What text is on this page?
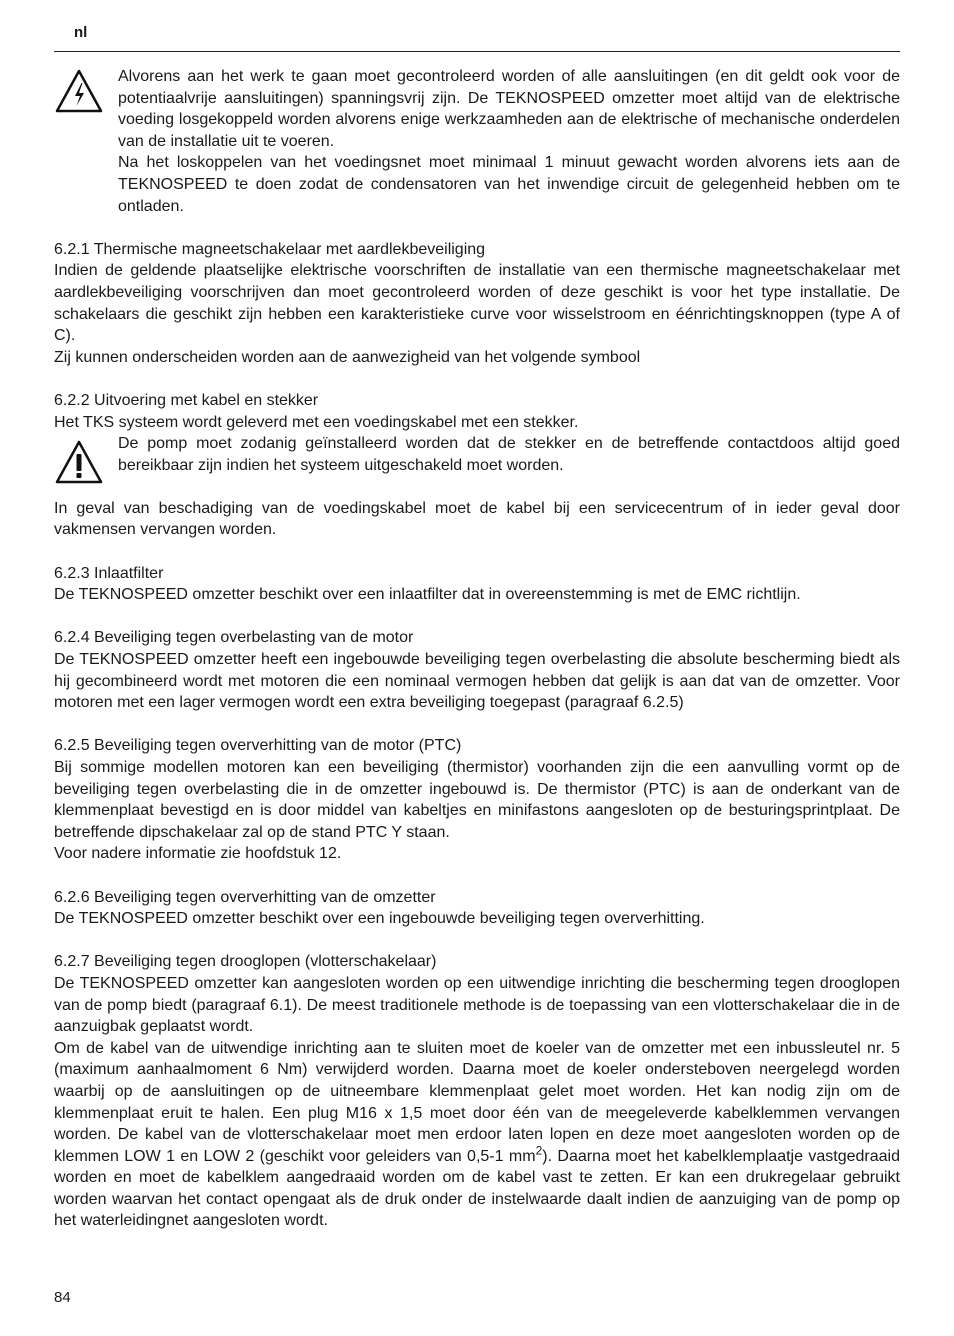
nl

Alvorens aan het werk te gaan moet gecontroleerd worden of alle aansluitingen (en dit geldt ook voor de potentiaalvrije aansluitingen) spanningsvrij zijn. De TEKNOSPEED omzetter moet altijd van de elektrische voeding losgekoppeld worden alvorens enige werkzaamheden aan de elektrische of mechanische onderdelen van de installatie uit te voeren.

Na het loskoppelen van het voedingsnet moet minimaal 1 minuut gewacht worden alvorens iets aan de TEKNOSPEED te doen zodat de condensatoren van het inwendige circuit de gelegenheid hebben om te ontladen.

6.2.1 Thermische magneetschakelaar met aardlekbeveiliging

Indien de geldende plaatselijke elektrische voorschriften de installatie van een thermische magneetschakelaar met aardlekbeveiliging voorschrijven dan moet gecontroleerd worden of deze geschikt is voor het type installatie. De schakelaars die geschikt zijn hebben een karakteristieke curve voor wisselstroom en éénrichtingsknoppen (type A of C).

Zij kunnen onderscheiden worden aan de aanwezigheid van het volgende symbool

6.2.2 Uitvoering met kabel en stekker

Het TKS systeem wordt geleverd met een voedingskabel met een stekker.

De pomp moet zodanig geïnstalleerd worden dat de stekker en de betreffende contactdoos altijd goed bereikbaar zijn indien het systeem uitgeschakeld moet worden.

In geval van beschadiging van de voedingskabel moet de kabel bij een servicecentrum of in ieder geval door vakmensen vervangen worden.

6.2.3 Inlaatfilter

De TEKNOSPEED omzetter beschikt over een inlaatfilter dat in overeenstemming is met de EMC richtlijn.

6.2.4 Beveiliging tegen overbelasting van de motor

De TEKNOSPEED omzetter heeft een ingebouwde beveiliging tegen overbelasting die absolute bescherming biedt als hij gecombineerd wordt met motoren die een nominaal vermogen hebben dat gelijk is aan dat van de omzetter. Voor motoren met een lager vermogen wordt een extra beveiliging toegepast (paragraaf 6.2.5)

6.2.5 Beveiliging tegen oververhitting van de motor (PTC)

Bij sommige modellen motoren kan een beveiliging (thermistor) voorhanden zijn die een aanvulling vormt op de beveiliging tegen overbelasting die in de omzetter ingebouwd is. De thermistor (PTC) is aan de onderkant van de klemmenplaat bevestigd en is door middel van kabeltjes en minifastons aangesloten op de besturingsprintplaat. De betreffende dipschakelaar zal op de stand PTC Y staan.

Voor nadere informatie zie hoofdstuk 12.

6.2.6 Beveiliging tegen oververhitting van de omzetter

De TEKNOSPEED omzetter beschikt over een ingebouwde beveiliging tegen oververhitting.

6.2.7 Beveiliging tegen drooglopen (vlotterschakelaar)

De TEKNOSPEED omzetter kan aangesloten worden op een uitwendige inrichting die bescherming tegen drooglopen van de pomp biedt (paragraaf 6.1). De meest traditionele methode is de toepassing van een vlotterschakelaar die in de aanzuigbak geplaatst wordt.

Om de kabel van de uitwendige inrichting aan te sluiten moet de koeler van de omzetter met een inbussleutel nr. 5 (maximum aanhaalmoment 6 Nm) verwijderd worden. Daarna moet de koeler ondersteboven neergelegd worden waarbij op de aansluitingen op de uitneembare klemmenplaat gelet moet worden. Het kan nodig zijn om de klemmenplaat eruit te halen. Een plug M16 x 1,5 moet door één van de meegeleverde kabelklemmen vervangen worden. De kabel van de vlotterschakelaar moet men erdoor laten lopen en deze moet aangesloten worden op de klemmen LOW 1 en LOW 2 (geschikt voor geleiders van 0,5-1 $mm^2$). Daarna moet het kabelklemplaatje vastgedraaid worden en moet de kabelklem aangedraaid worden om de kabel vast te zetten. Er kan een drukregelaar gebruikt worden waarvan het contact opengaat als de druk onder de instelwaarde daalt indien de aanzuiging van de pomp op het waterleidingnet aangesloten wordt.

84
